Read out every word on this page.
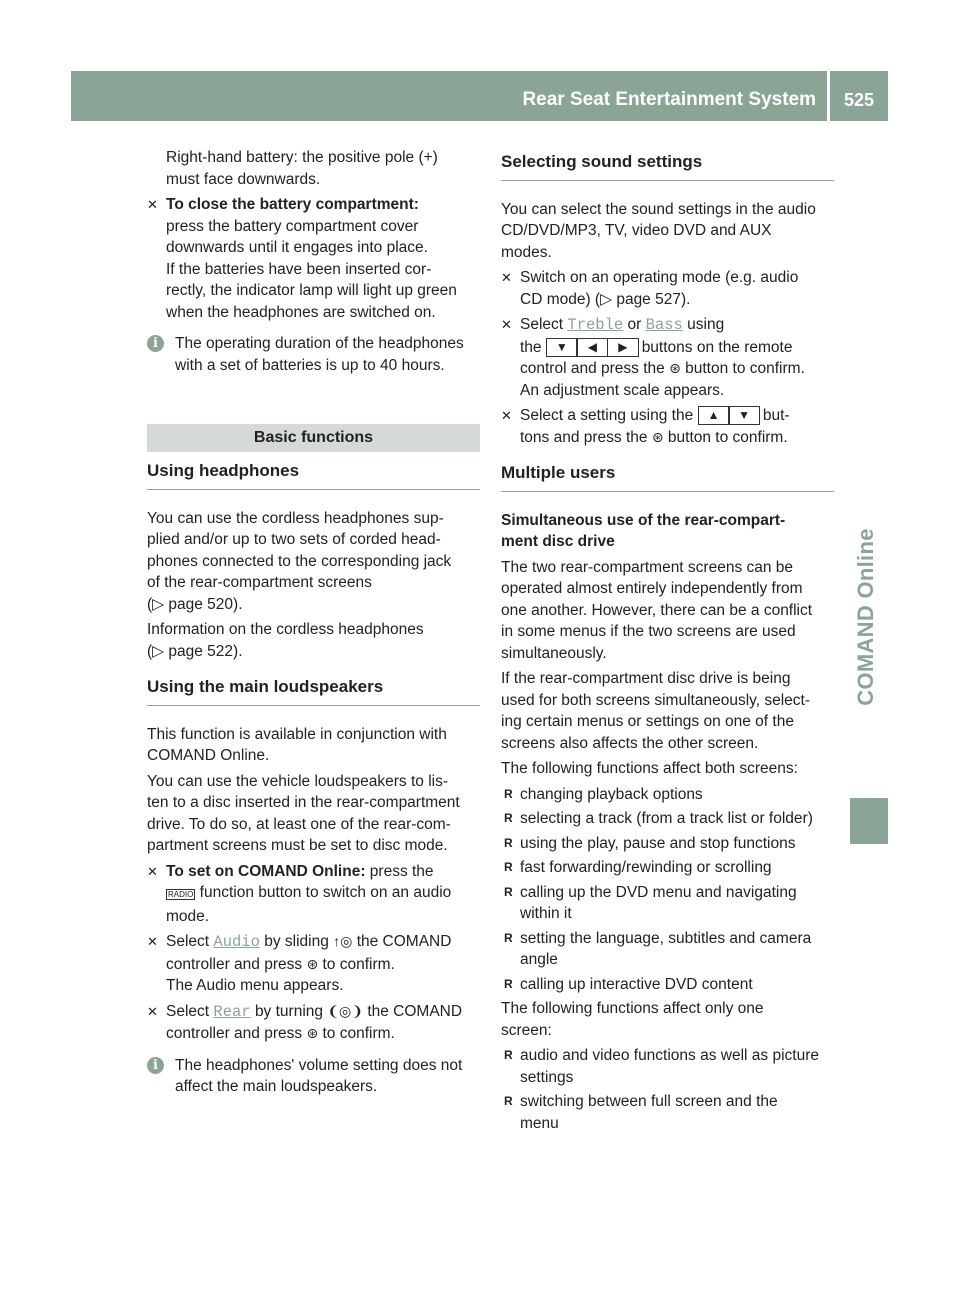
Rear Seat Entertainment System	525
COMAND Online

Right-hand battery: the positive pole (+)
must face downwards.

✕ To close the battery compartment:
press the battery compartment cover
downwards until it engages into place.
If the batteries have been inserted cor-
rectly, the indicator lamp will light up green
when the headphones are switched on.
i	The operating duration of the headphones
with a set of batteries is up to 40 hours.
Basic functions
Using headphones

You can use the cordless headphones sup-
plied and/or up to two sets of corded head-
phones connected to the corresponding jack
of the rear-compartment screens
(▷ page 520).

Information on the cordless headphones
(▷ page 522).

Using the main loudspeakers

This function is available in conjunction with
COMAND Online.

You can use the vehicle loudspeakers to lis-
ten to a disc inserted in the rear-compartment
drive. To do so, at least one of the rear-com-
partment screens must be set to disc mode.

✕ To set on COMAND Online: press the
RADIO function button to switch on an audio
mode.
✕ Select Audio by sliding ↑◎ the COMAND
controller and press ⊛ to confirm.
The Audio menu appears.
✕ Select Rear by turning ❨◎❩ the COMAND
controller and press ⊛ to confirm.
i	The headphones' volume setting does not
affect the main loudspeakers.
Selecting sound settings

You can select the sound settings in the audio
CD/DVD/MP3, TV, video DVD and AUX
modes.

✕ Switch on an operating mode (e.g. audio
CD mode) (▷ page 527).
✕ Select Treble or Bass using
the	▼	◀	▶ buttons on the remote
control and press the ⊛ button to confirm.
An adjustment scale appears.
✕ Select a setting using the	▲	▼ but-
tons and press the ⊛ button to confirm.
Multiple users
Simultaneous use of the rear-compart-
ment disc drive

The two rear-compartment screens can be
operated almost entirely independently from
one another. However, there can be a conflict
in some menus if the two screens are used
simultaneously.

If the rear-compartment disc drive is being
used for both screens simultaneously, select-
ing certain menus or settings on one of the
screens also affects the other screen.

The following functions affect both screens:

R changing playback options
R selecting a track (from a track list or folder)
R using the play, pause and stop functions
R fast forwarding/rewinding or scrolling
R calling up the DVD menu and navigating
within it
R setting the language, subtitles and camera
angle
R calling up interactive DVD content

The following functions affect only one
screen:

R audio and video functions as well as picture
settings
R switching between full screen and the
menu
